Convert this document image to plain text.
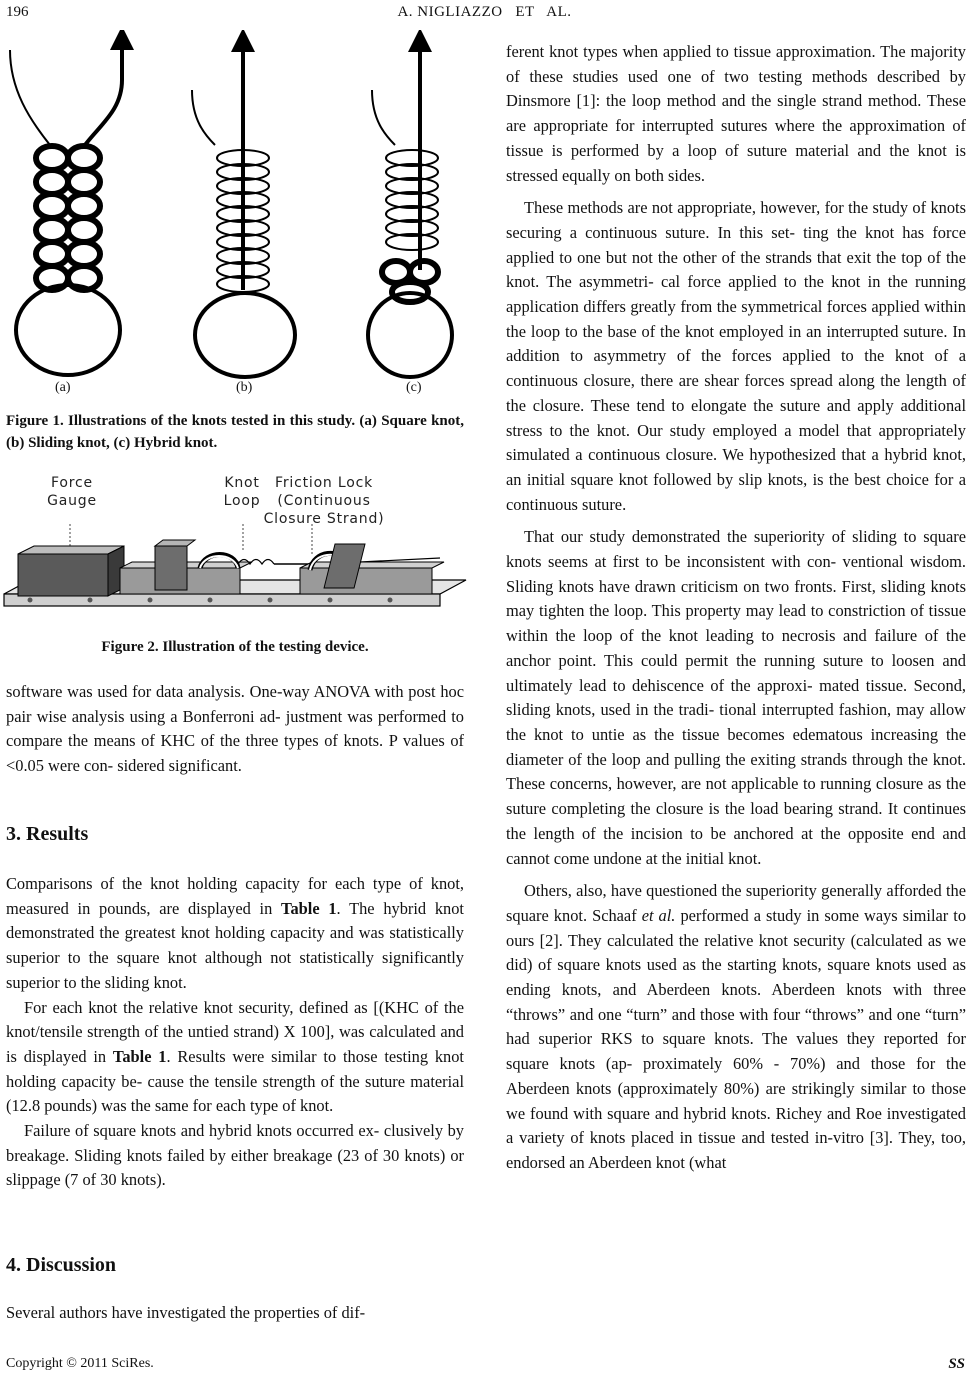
196	A. NIGLIAZZO   ET   AL.
(a)	(b)	(c)
Figure 1. Illustrations of the knots tested in this study. (a) Square knot, (b) Sliding knot, (c) Hybrid knot.
Force
Gauge
Knot
Loop
Friction Lock
(Continuous
Closure Strand)
Figure 2. Illustration of the testing device.

software was used for data analysis. One-way ANOVA with post hoc pair wise analysis using a Bonferroni ad- justment was performed to compare the means of KHC of the three types of knots. P values of <0.05 were con- sidered significant.

3. Results

Comparisons of the knot holding capacity for each type of knot, measured in pounds, are displayed in Table 1. The hybrid knot demonstrated the greatest knot holding capacity and was statistically superior to the square knot although not statistically significantly superior to the sliding knot.

For each knot the relative knot security, defined as [(KHC of the knot/tensile strength of the untied strand) X 100], was calculated and is displayed in Table 1. Results were similar to those testing knot holding capacity be- cause the tensile strength of the suture material (12.8 pounds) was the same for each type of knot.

Failure of square knots and hybrid knots occurred ex- clusively by breakage. Sliding knots failed by either breakage (23 of 30 knots) or slippage (7 of 30 knots).

4. Discussion

Several authors have investigated the properties of dif-

ferent knot types when applied to tissue approximation. The majority of these studies used one of two testing methods described by Dinsmore [1]: the loop method and the single strand method. These are appropriate for interrupted sutures where the approximation of tissue is performed by a loop of suture material and the knot is stressed equally on both sides.

These methods are not appropriate, however, for the study of knots securing a continuous suture. In this set- ting the knot has force applied to one but not the other of the strands that exit the top of the knot. The asymmetri- cal force applied to the knot in the running application differs greatly from the symmetrical forces applied within the loop to the base of the knot employed in an interrupted suture. In addition to asymmetry of the forces applied to the knot of a continuous closure, there are shear forces spread along the length of the closure. These tend to elongate the suture and apply additional stress to the knot. Our study employed a model that appropriately simulated a continuous closure. We hypothesized that a hybrid knot, an initial square knot followed by slip knots, is the best choice for a continuous suture.

That our study demonstrated the superiority of sliding to square knots seems at first to be inconsistent with con- ventional wisdom. Sliding knots have drawn criticism on two fronts. First, sliding knots may tighten the loop. This property may lead to constriction of tissue within the loop of the knot leading to necrosis and failure of the anchor point. This could permit the running suture to loosen and ultimately lead to dehiscence of the approxi- mated tissue. Second, sliding knots, used in the tradi- tional interrupted fashion, may allow the knot to untie as the tissue becomes edematous increasing the diameter of the loop and pulling the exiting strands through the knot. These concerns, however, are not applicable to running closure as the suture completing the closure is the load bearing strand. It continues the length of the incision to be anchored at the opposite end and cannot come undone at the initial knot.

Others, also, have questioned the superiority generally afforded the square knot. Schaaf et al. performed a study in some ways similar to ours [2]. They calculated the relative knot security (calculated as we did) of square knots used as the starting knots, square knots used as ending knots, and Aberdeen knots. Aberdeen knots with three “throws” and one “turn” and those with four “throws” and one “turn” had superior RKS to square knots. The values they reported for square knots (ap- proximately 60% - 70%) and those for the Aberdeen knots (approximately 80%) are strikingly similar to those we found with square and hybrid knots. Richey and Roe investigated a variety of knots placed in tissue and tested in-vitro [3]. They, too, endorsed an Aberdeen knot (what

Copyright © 2011 SciRes.	SS
